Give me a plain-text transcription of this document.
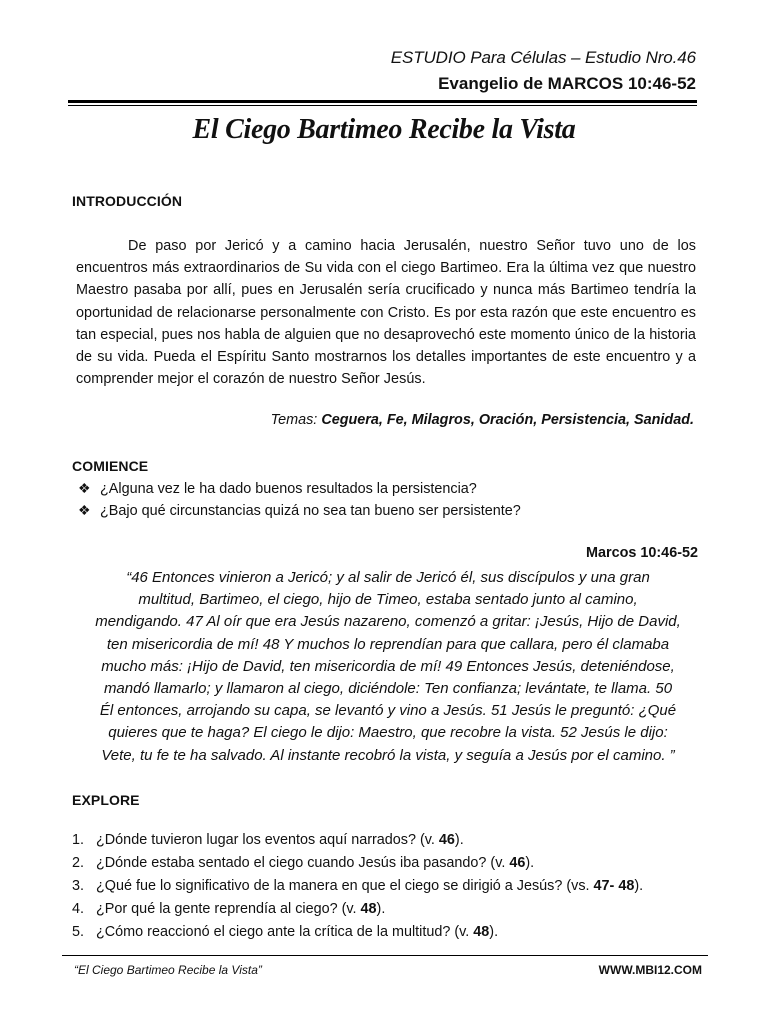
ESTUDIO Para Células – Estudio Nro.46
Evangelio de MARCOS 10:46-52
El Ciego Bartimeo Recibe la Vista
INTRODUCCIÓN
De paso por Jericó y a camino hacia Jerusalén, nuestro Señor tuvo uno de los encuentros más extraordinarios de Su vida con el ciego Bartimeo. Era la última vez que nuestro Maestro pasaba por allí, pues en Jerusalén sería crucificado y nunca más Bartimeo tendría la oportunidad de relacionarse personalmente con Cristo. Es por esta razón que este encuentro es tan especial, pues nos habla de alguien que no desaprovechó este momento único de la historia de su vida. Pueda el Espíritu Santo mostrarnos los detalles importantes de este encuentro y a comprender mejor el corazón de nuestro Señor Jesús.
Temas: Ceguera, Fe, Milagros, Oración, Persistencia, Sanidad.
COMIENCE
❖ ¿Alguna vez le ha dado buenos resultados la persistencia?
❖ ¿Bajo qué circunstancias quizá no sea tan bueno ser persistente?
Marcos 10:46-52
“46 Entonces vinieron a Jericó; y al salir de Jericó él, sus discípulos y una gran
multitud, Bartimeo, el ciego, hijo de Timeo, estaba sentado junto al camino,
mendigando. 47 Al oír que era Jesús nazareno, comenzó a gritar: ¡Jesús, Hijo de David,
ten misericordia de mí! 48 Y muchos lo reprendían para que callara, pero él clamaba
mucho más: ¡Hijo de David, ten misericordia de mí! 49 Entonces Jesús, deteniéndose,
mandó llamarlo; y llamaron al ciego, diciéndole: Ten confianza; levántate, te llama. 50
Él entonces, arrojando su capa, se levantó y vino a Jesús. 51 Jesús le preguntó: ¿Qué
quieres que te haga? El ciego le dijo: Maestro, que recobre la vista. 52 Jesús le dijo:
Vete, tu fe te ha salvado. Al instante recobró la vista, y seguía a Jesús por el camino. ”
EXPLORE
1. ¿Dónde tuvieron lugar los eventos aquí narrados? (v. 46).
2. ¿Dónde estaba sentado el ciego cuando Jesús iba pasando? (v. 46).
3. ¿Qué fue lo significativo de la manera en que el ciego se dirigió a Jesús? (vs. 47- 48).
4. ¿Por qué la gente reprendía al ciego? (v. 48).
5. ¿Cómo reaccionó el ciego ante la crítica de la multitud? (v. 48).
“El Ciego Bartimeo Recibe la Vista”	WWW.MBI12.COM
